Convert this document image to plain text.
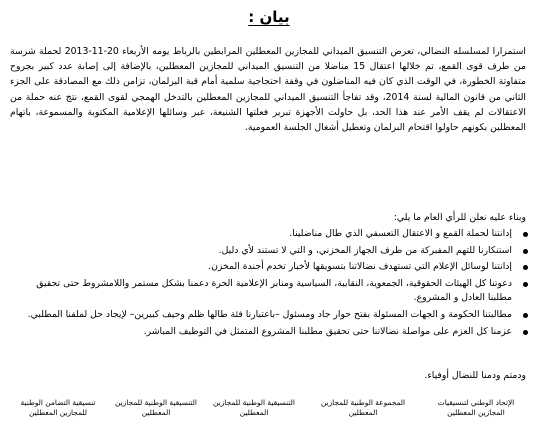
بيان :

استمرارا لمسلسله النضالي، تعرض التنسيق الميداني للمجازين المعطلين المرابطين بالرباط يومه الأربعاء 20-11-2013 لحملة شرسة من طرف قوى القمع، تم خلالها اعتقال 15 مناضلا من التنسيق الميداني للمجازين المعطلين، بالإضافة إلى إصابة عدد كبير بجروح متفاوتة الخطورة، في الوقت الذي كان فيه المناضلون في وقفة احتجاجية سلمية أمام قبة البرلمان، تزامن ذلك مع المصادقة على الجزء الثاني من قانون المالية لسنة 2014، وقد تفاجأ التنسيق الميداني للمجازين المعطلين بالتدخل الهمجي لقوى القمع، نتج عنه حملة من الاعتقالات لم يقف الأمر عند هذا الحد، بل حاولت الأجهزة تبرير فعلتها الشنيعة، عبر وسائلها الإعلامية المكتوبة والمسموعة، باتهام المعطلين بكونهم حاولوا اقتحام البرلمان وتعطيل أشغال الجلسة العمومية.

وبناء عليه نعلن للرأي العام ما يلي:
إدانتنا لحملة القمع و الاعتقال التعسفي الذي طال مناضلينا.
استنكارنا للتهم المفبركة من طرف الجهاز المخزني، و التي لا تستند لأي دليل.
إدانتنا لوسائل الإعلام التي تستهدف نضالاتنا بتسويقها لأخبار تخدم أجندة المخزن.
دعوتنا كل الهيئات الحقوقية، الجمعوية، النقابية، السياسية ومنابر الإعلامية الحرة دعمنا بشكل مستمر واللامشروط حتى تحقيق مطلبنا العادل و المشروع.
مطالبتنا الحكومة و الجهات المسئولة بفتح حوار جاد ومسئول –باعتبارنا فئة طالها ظلم وحيف كبيرين– لإيجاد حل لملفنا المطلبي.
عزمنا كل العزم على مواصلة نضالاتنا حتى تحقيق مطلبنا المشروع المتمثل في التوظيف المباشر.
ودمتم ودمنا للنضال أوفياء.
الإتحاد الوطني لتنسيقيات المجازين المعطلين
المجموعة الوطنية للمجازين المعطلين
التنسيقية الوطنية للمجازين المعطلين
التنسيقية الوطنية للمجازين المعطلين
تنسيقية التضامن الوطنية للمجازين المعطلين
